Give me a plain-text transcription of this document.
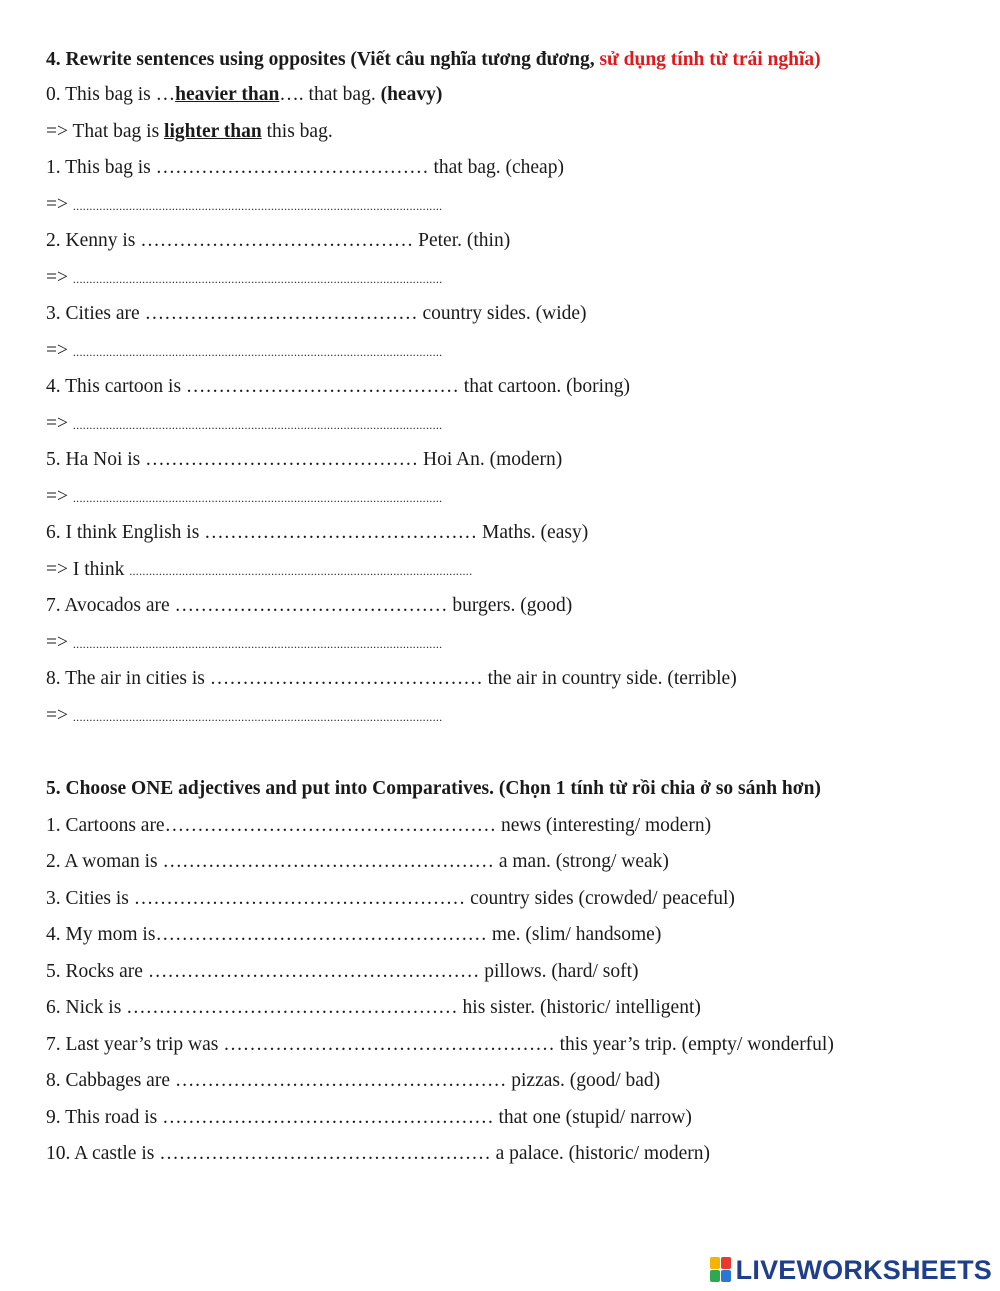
4. Rewrite sentences using opposites (Viết câu nghĩa tương đương, sử dụng tính từ trái nghĩa)
0. This bag is …heavier than…. that bag. (heavy)
=> That bag is lighter than this bag.
1. This bag is …………………………………… that bag. (cheap)
=> ................................................................................................................
2. Kenny is …………………………………… Peter. (thin)
=> ................................................................................................................
3. Cities are …………………………………… country sides. (wide)
=> ................................................................................................................
4. This cartoon is …………………………………… that cartoon. (boring)
=> ................................................................................................................
5. Ha Noi is …………………………………… Hoi An. (modern)
=> ................................................................................................................
6. I think English is …………………………………… Maths. (easy)
=> I think ........................................................................................................
7. Avocados are …………………………………… burgers. (good)
=> ................................................................................................................
8. The air in cities is …………………………………… the air in country side. (terrible)
=> ................................................................................................................
5. Choose ONE adjectives and put into Comparatives. (Chọn 1 tính từ rồi chia ở so sánh hơn)
1. Cartoons are…………………………………………… news (interesting/ modern)
2. A woman is …………………………………………… a man. (strong/ weak)
3. Cities is …………………………………………… country sides (crowded/ peaceful)
4. My mom is…………………………………………… me. (slim/ handsome)
5. Rocks are …………………………………………… pillows. (hard/ soft)
6. Nick is …………………………………………… his sister. (historic/ intelligent)
7. Last year’s trip was …………………………………………… this year’s trip. (empty/ wonderful)
8. Cabbages are …………………………………………… pizzas. (good/ bad)
9. This road is …………………………………………… that one (stupid/ narrow)
10. A castle is …………………………………………… a palace. (historic/ modern)
LIVEWORKSHEETS
